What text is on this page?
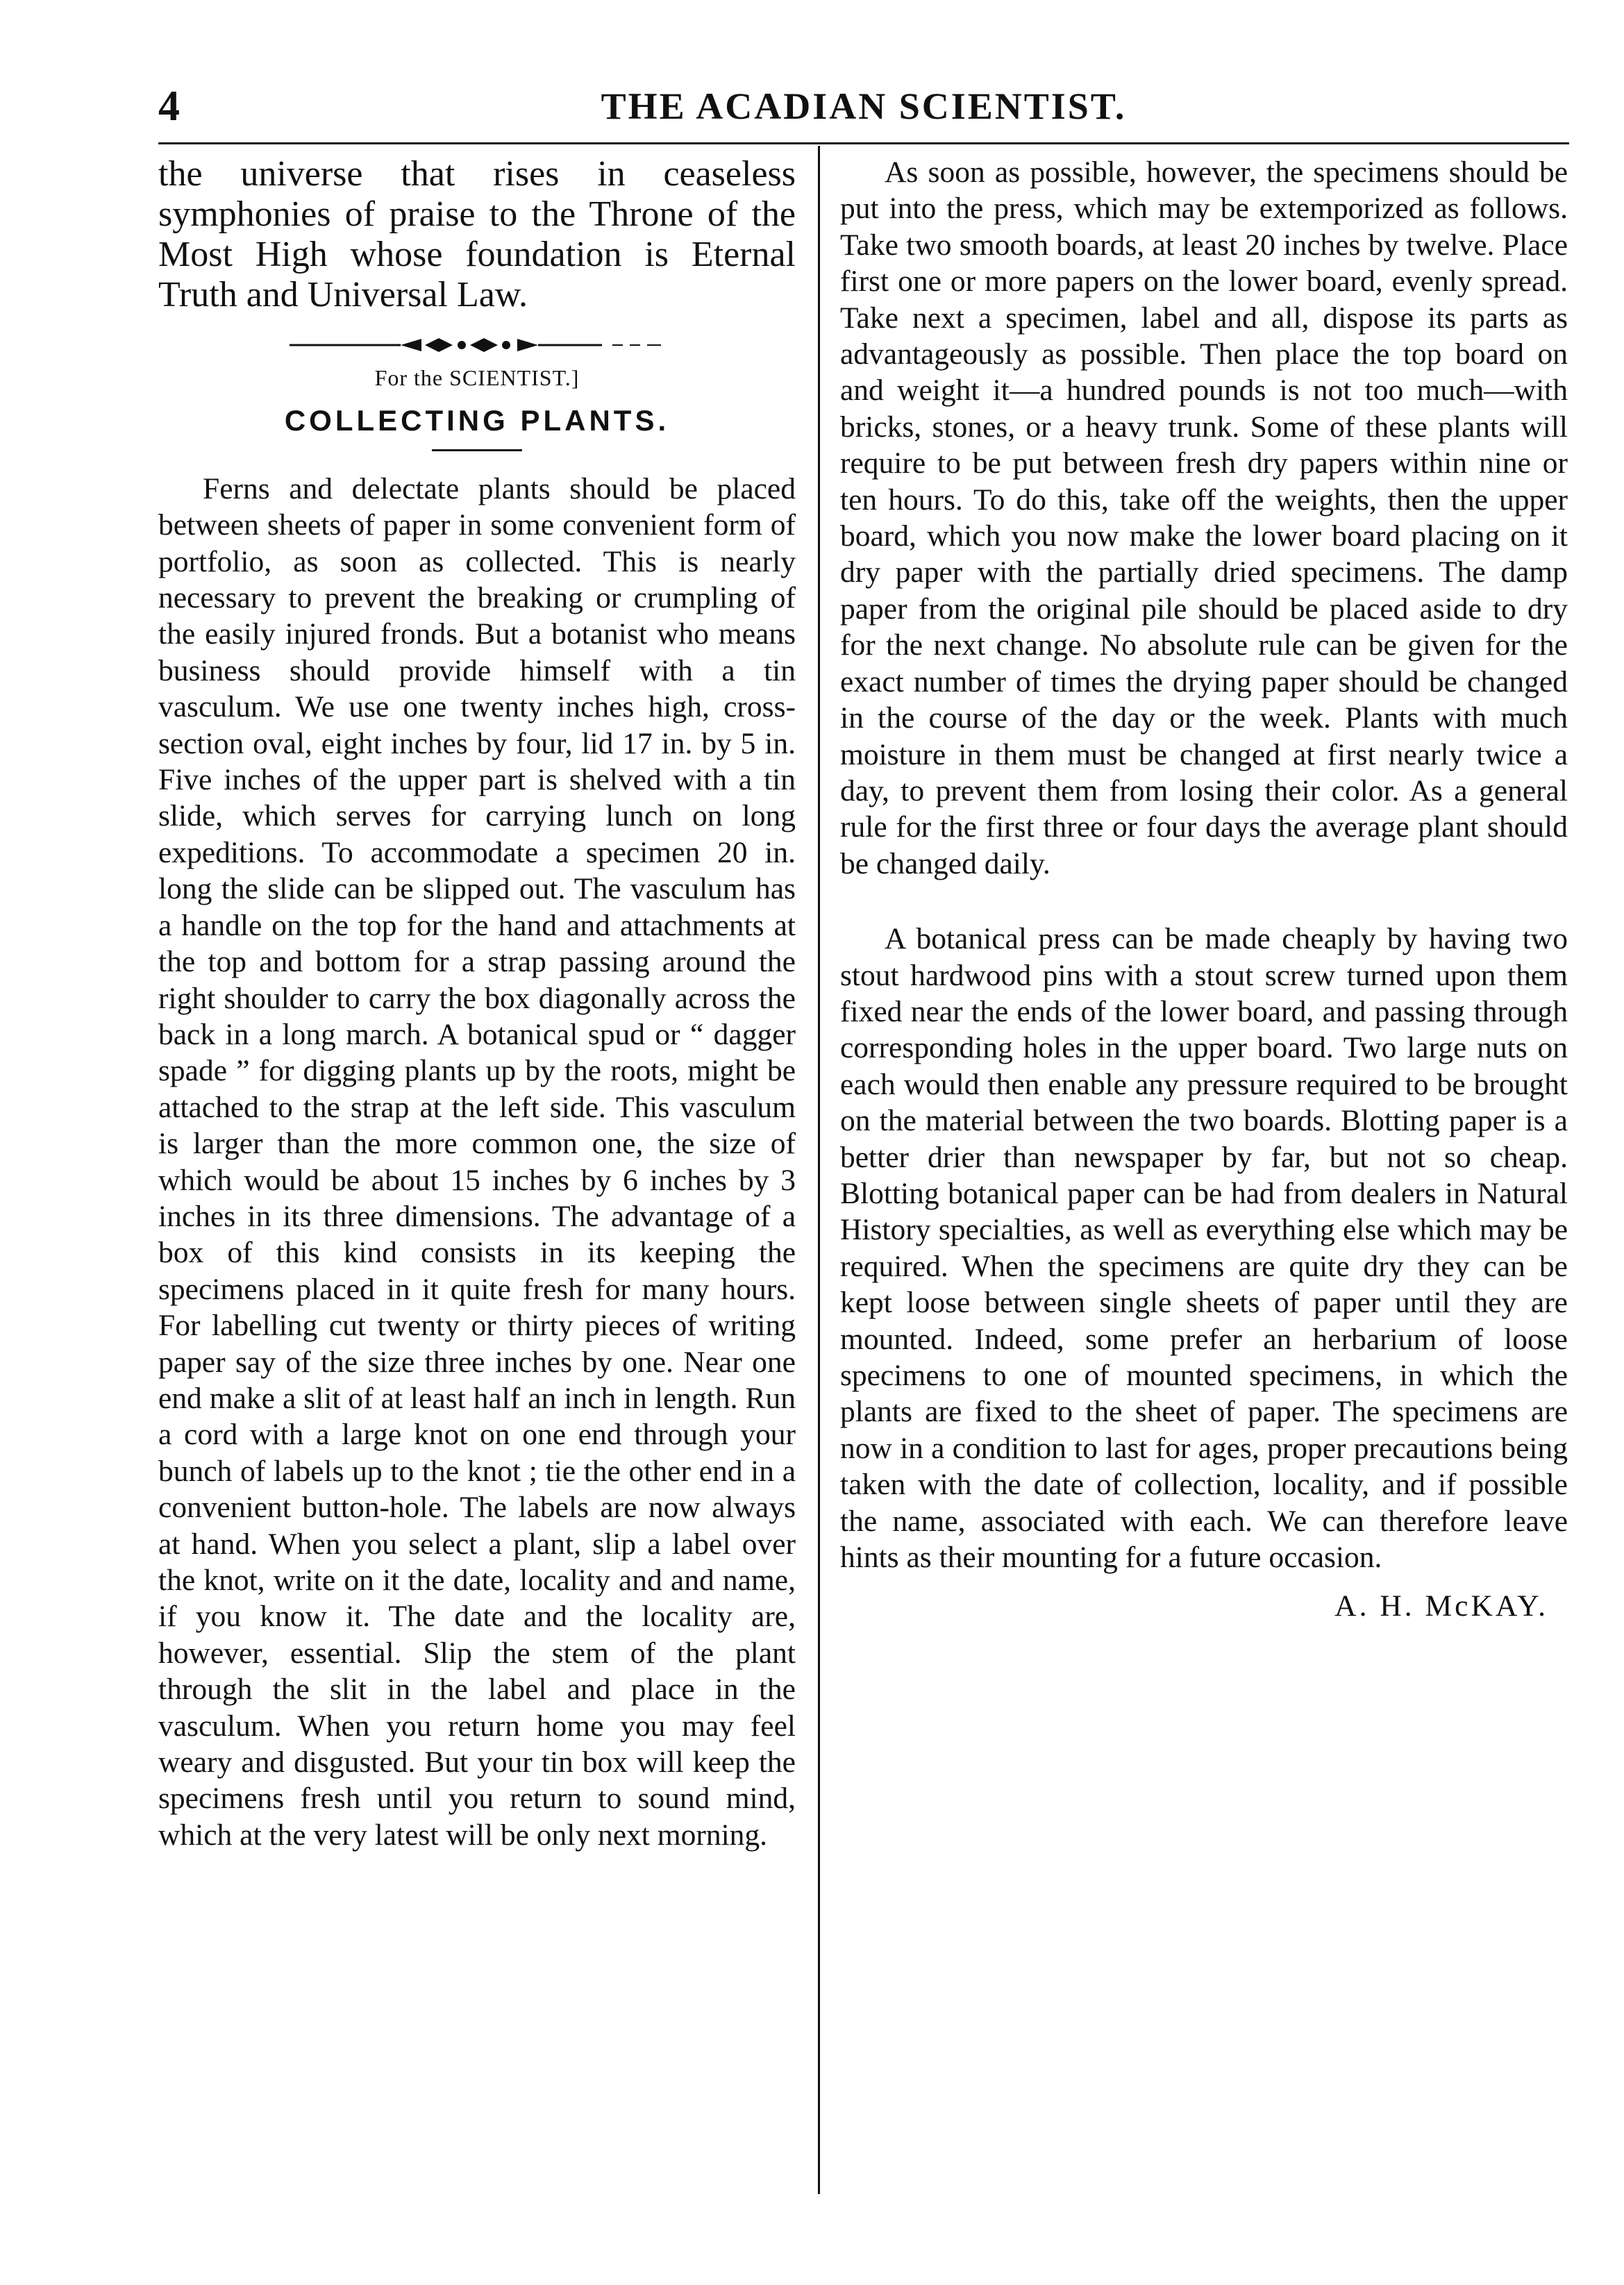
4	THE ACADIAN SCIENTIST.

the universe that rises in ceaseless symphonies of praise to the Throne of the Most High whose foundation is Eternal Truth and Universal Law.

For the SCIENTIST.]
COLLECTING PLANTS.

Ferns and delectate plants should be placed between sheets of paper in some convenient form of portfolio, as soon as collected. This is nearly necessary to prevent the breaking or crumpling of the easily injured fronds. But a botanist who means business should provide himself with a tin vasculum. We use one twenty inches high, cross-section oval, eight inches by four, lid 17 in. by 5 in. Five inches of the upper part is shelved with a tin slide, which serves for carrying lunch on long expeditions. To accommodate a specimen 20 in. long the slide can be slipped out. The vasculum has a handle on the top for the hand and attachments at the top and bottom for a strap passing around the right shoulder to carry the box diagonally across the back in a long march. A botanical spud or “ dagger spade ” for digging plants up by the roots, might be attached to the strap at the left side. This vasculum is larger than the more common one, the size of which would be about 15 inches by 6 inches by 3 inches in its three dimensions. The advantage of a box of this kind consists in its keeping the specimens placed in it quite fresh for many hours. For labelling cut twenty or thirty pieces of writing paper say of the size three inches by one. Near one end make a slit of at least half an inch in length. Run a cord with a large knot on one end through your bunch of labels up to the knot ; tie the other end in a convenient button-hole. The labels are now always at hand. When you select a plant, slip a label over the knot, write on it the date, locality and and name, if you know it. The date and the locality are, however, essential. Slip the stem of the plant through the slit in the label and place in the vasculum. When you return home you may feel weary and disgusted. But your tin box will keep the specimens fresh until you return to sound mind, which at the very latest will be only next morning.

As soon as possible, however, the specimens should be put into the press, which may be extemporized as follows. Take two smooth boards, at least 20 inches by twelve. Place first one or more papers on the lower board, evenly spread. Take next a specimen, label and all, dispose its parts as advantageously as possible. Then place the top board on and weight it—a hundred pounds is not too much—with bricks, stones, or a heavy trunk. Some of these plants will require to be put between fresh dry papers within nine or ten hours. To do this, take off the weights, then the upper board, which you now make the lower board placing on it dry paper with the partially dried specimens. The damp paper from the original pile should be placed aside to dry for the next change. No absolute rule can be given for the exact number of times the drying paper should be changed in the course of the day or the week. Plants with much moisture in them must be changed at first nearly twice a day, to prevent them from losing their color. As a general rule for the first three or four days the average plant should be changed daily.

A botanical press can be made cheaply by having two stout hardwood pins with a stout screw turned upon them fixed near the ends of the lower board, and passing through corresponding holes in the upper board. Two large nuts on each would then enable any pressure required to be brought on the material between the two boards. Blotting paper is a better drier than newspaper by far, but not so cheap. Blotting botanical paper can be had from dealers in Natural History specialties, as well as everything else which may be required. When the specimens are quite dry they can be kept loose between single sheets of paper until they are mounted. Indeed, some prefer an herbarium of loose specimens to one of mounted specimens, in which the plants are fixed to the sheet of paper. The specimens are now in a condition to last for ages, proper precautions being taken with the date of collection, locality, and if possible the name, associated with each. We can therefore leave hints as their mounting for a future occasion.

A. H. McKAY.
